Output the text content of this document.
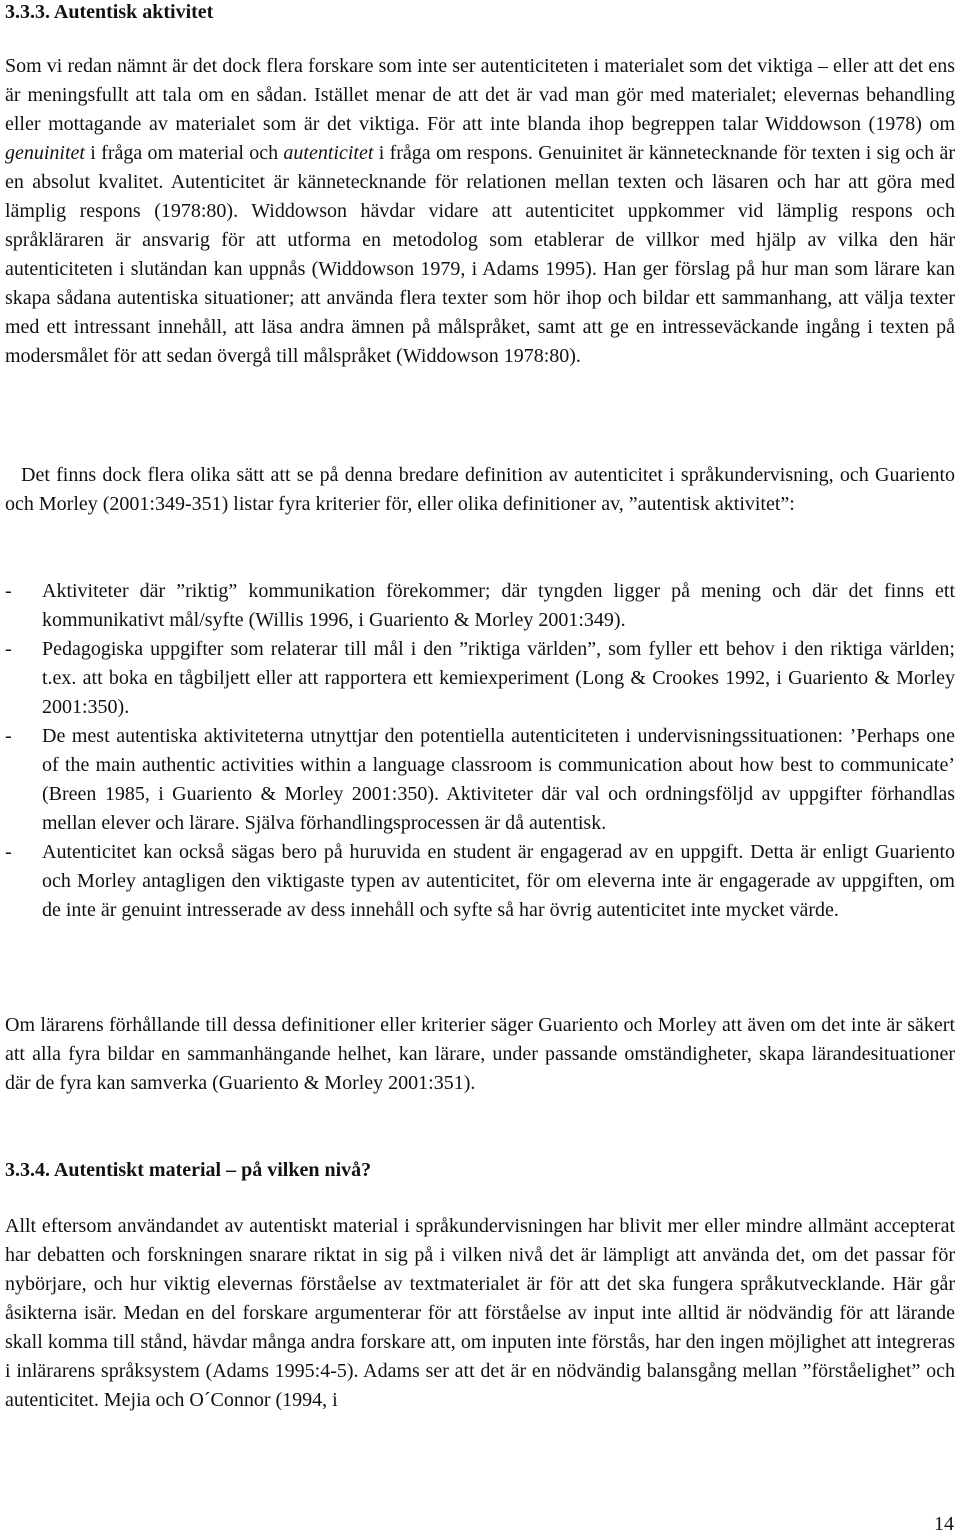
3.3.3. Autentisk aktivitet

Som vi redan nämnt är det dock flera forskare som inte ser autenticiteten i materialet som det viktiga – eller att det ens är meningsfullt att tala om en sådan. Istället menar de att det är vad man gör med materialet; elevernas behandling eller mottagande av materialet som är det viktiga. För att inte blanda ihop begreppen talar Widdowson (1978) om genuinitet i fråga om material och autenticitet i fråga om respons. Genuinitet är kännetecknande för texten i sig och är en absolut kvalitet. Autenticitet är kännetecknande för relationen mellan texten och läsaren och har att göra med lämplig respons (1978:80). Widdowson hävdar vidare att autenticitet uppkommer vid lämplig respons och språkläraren är ansvarig för att utforma en metodolog som etablerar de villkor med hjälp av vilka den här autenticiteten i slutändan kan uppnås (Widdowson 1979, i Adams 1995). Han ger förslag på hur man som lärare kan skapa sådana autentiska situationer; att använda flera texter som hör ihop och bildar ett sammanhang, att välja texter med ett intressant innehåll, att läsa andra ämnen på målspråket, samt att ge en intresseväckande ingång i texten på modersmålet för att sedan övergå till målspråket (Widdowson 1978:80).

Det finns dock flera olika sätt att se på denna bredare definition av autenticitet i språkundervisning, och Guariento och Morley (2001:349-351) listar fyra kriterier för, eller olika definitioner av, ”autentisk aktivitet”:

- Aktiviteter där ”riktig” kommunikation förekommer; där tyngden ligger på mening och där det finns ett kommunikativt mål/syfte (Willis 1996, i Guariento & Morley 2001:349).
- Pedagogiska uppgifter som relaterar till mål i den ”riktiga världen”, som fyller ett behov i den riktiga världen; t.ex. att boka en tågbiljett eller att rapportera ett kemiexperiment (Long & Crookes 1992, i Guariento & Morley 2001:350).
- De mest autentiska aktiviteterna utnyttjar den potentiella autenticiteten i undervisningssituationen: ’Perhaps one of the main authentic activities within a language classroom is communication about how best to communicate’ (Breen 1985, i Guariento & Morley 2001:350). Aktiviteter där val och ordningsföljd av uppgifter förhandlas mellan elever och lärare. Själva förhandlingsprocessen är då autentisk.
- Autenticitet kan också sägas bero på huruvida en student är engagerad av en uppgift. Detta är enligt Guariento och Morley antagligen den viktigaste typen av autenticitet, för om eleverna inte är engagerade av uppgiften, om de inte är genuint intresserade av dess innehåll och syfte så har övrig autenticitet inte mycket värde.

Om lärarens förhållande till dessa definitioner eller kriterier säger Guariento och Morley att även om det inte är säkert att alla fyra bildar en sammanhängande helhet, kan lärare, under passande omständigheter, skapa lärandesituationer där de fyra kan samverka (Guariento & Morley 2001:351).

3.3.4. Autentiskt material – på vilken nivå?

Allt eftersom användandet av autentiskt material i språkundervisningen har blivit mer eller mindre allmänt accepterat har debatten och forskningen snarare riktat in sig på i vilken nivå det är lämpligt att använda det, om det passar för nybörjare, och hur viktig elevernas förståelse av textmaterialet är för att det ska fungera språkutvecklande. Här går åsikterna isär. Medan en del forskare argumenterar för att förståelse av input inte alltid är nödvändig för att lärande skall komma till stånd, hävdar många andra forskare att, om inputen inte förstås, har den ingen möjlighet att integreras i inlärarens språksystem (Adams 1995:4-5). Adams ser att det är en nödvändig balansgång mellan ”förståelighet” och autenticitet. Mejia och O´Connor (1994, i

14
